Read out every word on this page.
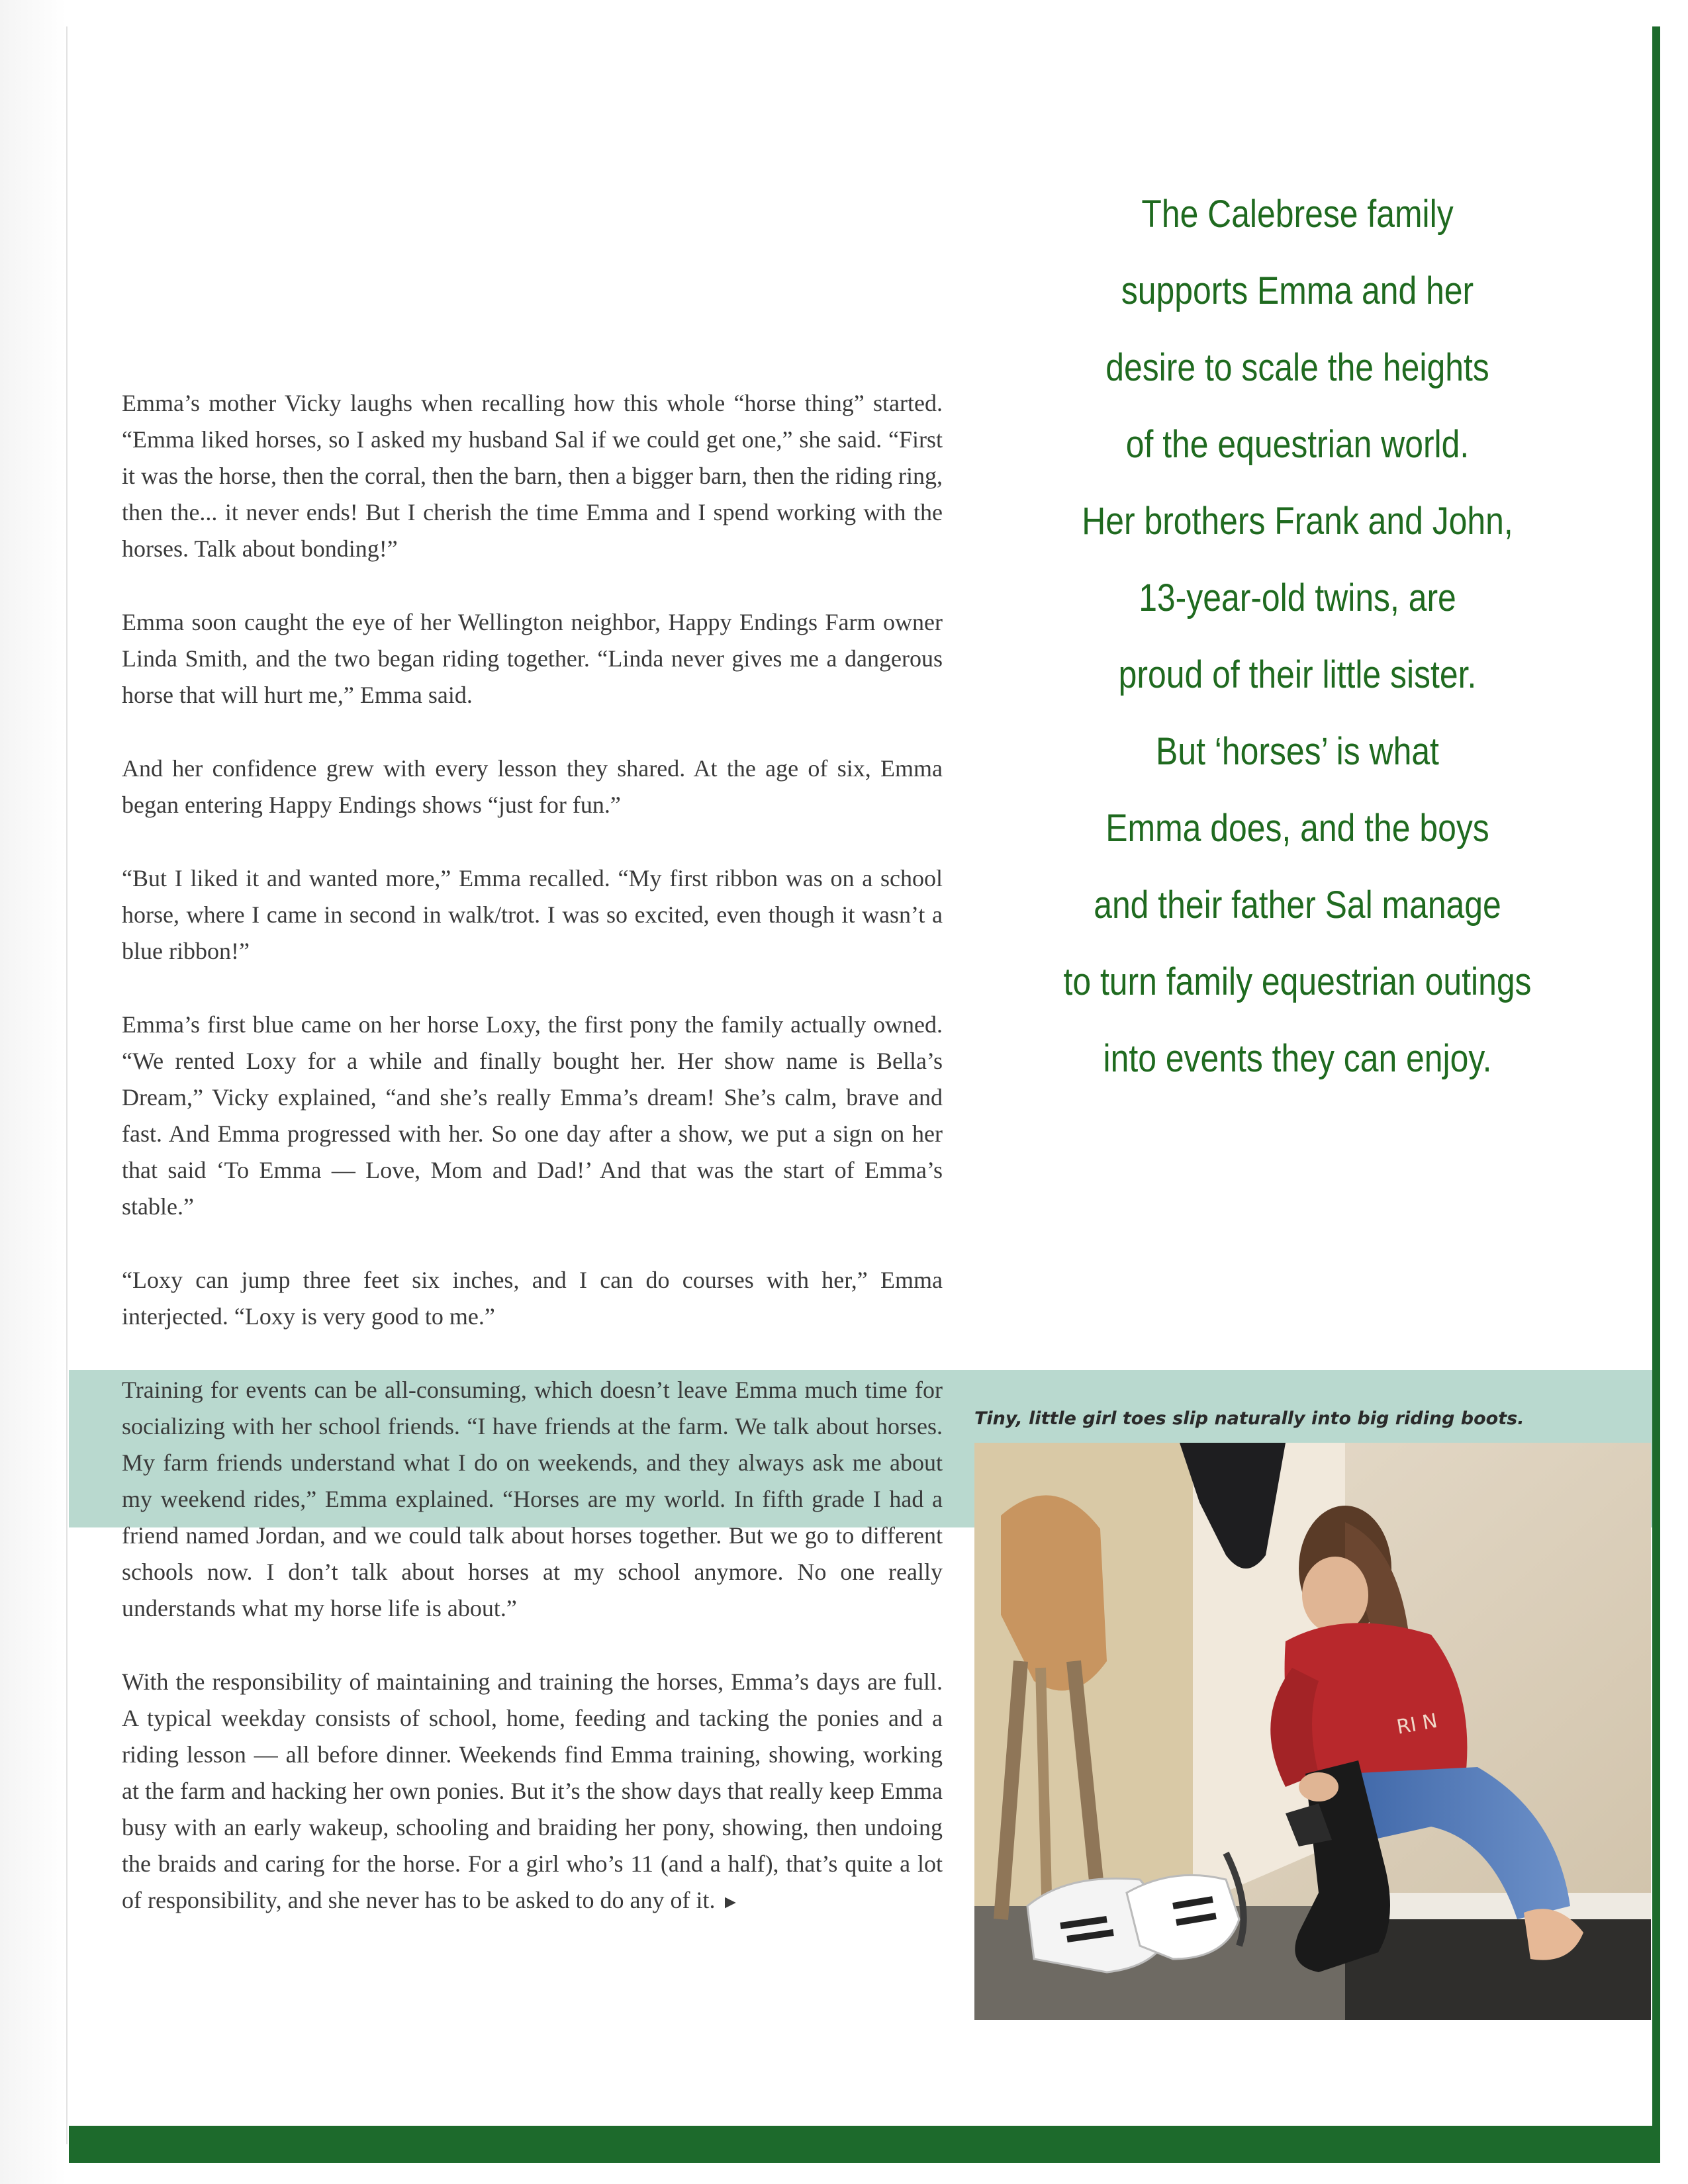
The Calebrese family
supports Emma and her
desire to scale the heights
of the equestrian world.
Her brothers Frank and John,
13-year-old twins, are
proud of their little sister.
But ‘horses’ is what
Emma does, and the boys
and their father Sal manage
to turn family equestrian outings
into events they can enjoy.

Emma’s mother Vicky laughs when recalling how this whole “horse thing” started. “Emma liked horses, so I asked my husband Sal if we could get one,” she said. “First it was the horse, then the corral, then the barn, then a bigger barn, then the riding ring, then the... it never ends! But I cherish the time Emma and I spend working with the horses. Talk about bonding!”

Emma soon caught the eye of her Wellington neighbor, Happy Endings Farm owner Linda Smith, and the two began riding together. “Linda never gives me a dangerous horse that will hurt me,” Emma said.

And her confidence grew with every lesson they shared. At the age of six, Emma began entering Happy Endings shows “just for fun.”

“But I liked it and wanted more,” Emma recalled. “My first ribbon was on a school horse, where I came in second in walk/trot. I was so excited, even though it wasn’t a blue ribbon!”

Emma’s first blue came on her horse Loxy, the first pony the family actually owned. “We rented Loxy for a while and finally bought her. Her show name is Bella’s Dream,” Vicky explained, “and she’s really Emma’s dream! She’s calm, brave and fast. And Emma progressed with her. So one day after a show, we put a sign on her that said ‘To Emma — Love, Mom and Dad!’ And that was the start of Emma’s stable.”

“Loxy can jump three feet six inches, and I can do courses with her,” Emma interjected. “Loxy is very good to me.”

Training for events can be all-consuming, which doesn’t leave Emma much time for socializing with her school friends. “I have friends at the farm. We talk about horses. My farm friends understand what I do on weekends, and they always ask me about my weekend rides,” Emma explained. “Horses are my world. In fifth grade I had a friend named Jordan, and we could talk about horses together. But we go to different schools now. I don’t talk about horses at my school anymore. No one really understands what my horse life is about.”

With the responsibility of maintaining and training the horses, Emma’s days are full. A typical weekday consists of school, home, feeding and tacking the ponies and a riding lesson — all before dinner. Weekends find Emma training, showing, working at the farm and hacking her own ponies. But it’s the show days that really keep Emma busy with an early wakeup, schooling and braiding her pony, showing, then undoing the braids and caring for the horse. For a girl who’s 11 (and a half), that’s quite a lot of responsibility, and she never has to be asked to do any of it. ►

Tiny, little girl toes slip naturally into big riding boots.
RI N
